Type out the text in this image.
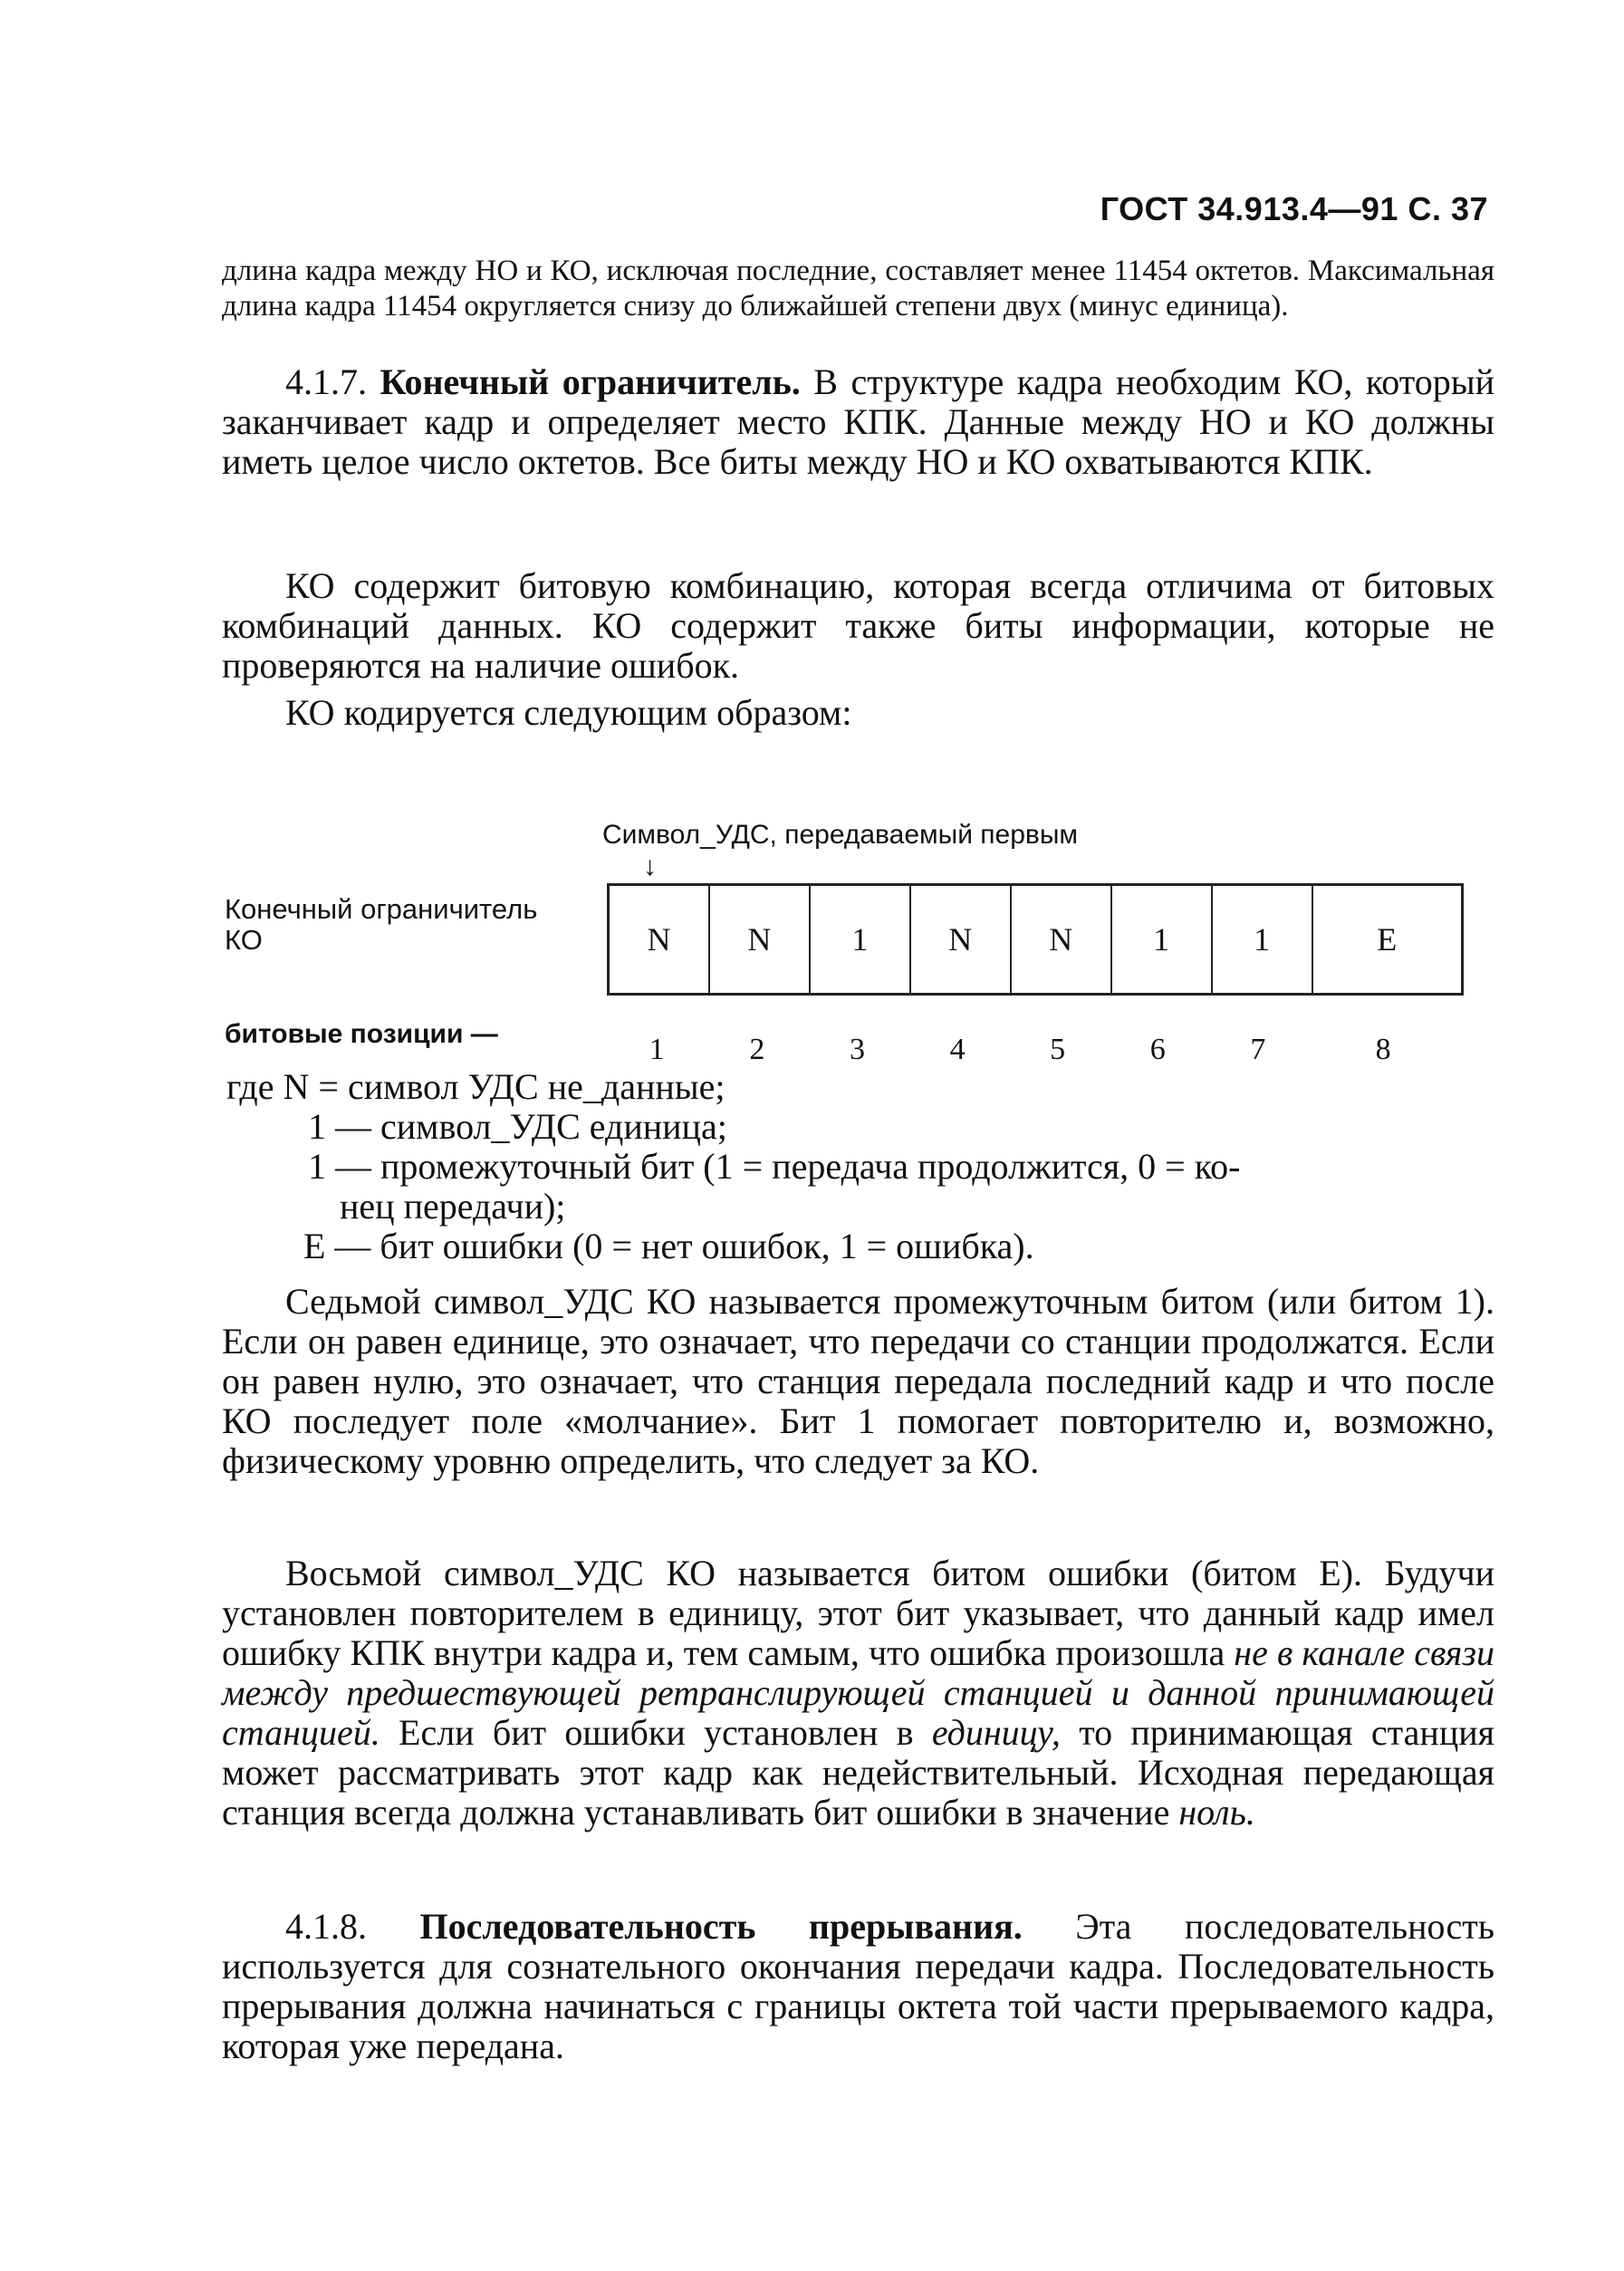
ГОСТ 34.913.4—91 С. 37
длина кадра между НО и КО, исключая последние, составляет менее 11454 октетов. Максимальная длина кадра 11454 округляется снизу до ближайшей степени двух (минус единица).

4.1.7. Конечный ограничитель. В структуре кадра необходим КО, который заканчивает кадр и определяет место КПК. Данные между НО и КО должны иметь целое число октетов. Все биты между НО и КО охватываются КПК.

КО содержит битовую комбинацию, которая всегда отличима от битовых комбинаций данных. КО содержит также биты информации, которые не проверяются на наличие ошибок.

КО кодируется следующим образом:

Символ_УДС, передаваемый первым
↓
Конечный ограничитель
КО	N	N	1	N	N	1	1	E
битовые позиции —	1	2	3	4	5	6	7	8
где N = символ УДС не_данные;
1 — символ_УДС единица;
1 — промежуточный бит (1 = передача продолжится, 0 = ко-
нец передачи);
E — бит ошибки (0 = нет ошибок, 1 = ошибка).

Седьмой символ_УДС КО называется промежуточным битом (или битом 1). Если он равен единице, это означает, что передачи со станции продолжатся. Если он равен нулю, это означает, что станция передала последний кадр и что после КО последует поле «молчание». Бит 1 помогает повторителю и, возможно, физическому уровню определить, что следует за КО.

Восьмой символ_УДС КО называется битом ошибки (битом Е). Будучи установлен повторителем в единицу, этот бит указывает, что данный кадр имел ошибку КПК внутри кадра и, тем самым, что ошибка произошла не в канале связи между предшествующей ретранслирующей станцией и данной принимающей станцией. Если бит ошибки установлен в единицу, то принимающая станция может рассматривать этот кадр как недействительный. Исходная передающая станция всегда должна устанавливать бит ошибки в значение ноль.

4.1.8. Последовательность прерывания. Эта последовательность используется для сознательного окончания передачи кадра. Последовательность прерывания должна начинаться с границы октета той части прерываемого кадра, которая уже передана.
